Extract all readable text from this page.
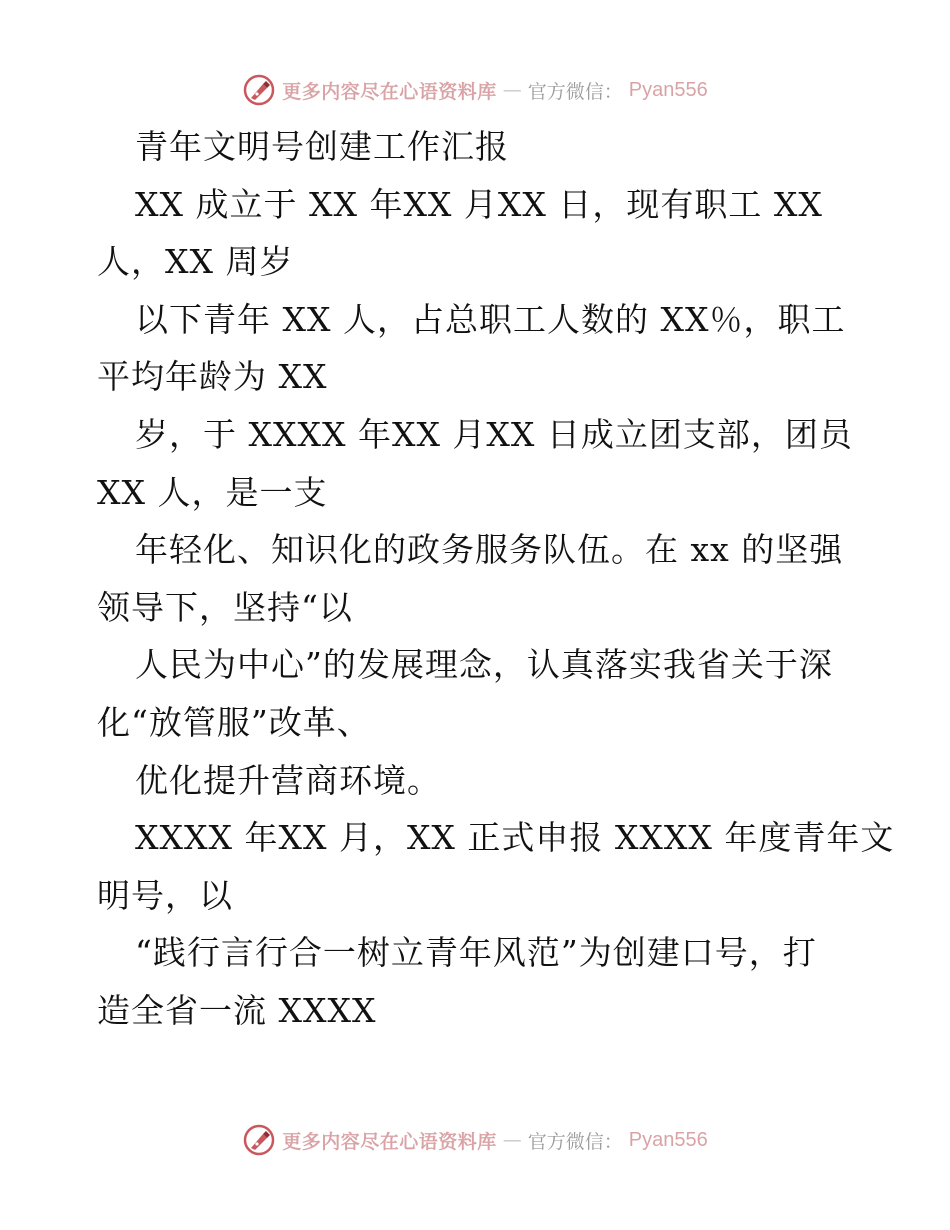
更多内容尽在心语资料库 — 官方微信： Pyan556
青年文明号创建工作汇报
XX 成立于 XX 年XX 月XX 日，现有职工 XX
人，XX 周岁
以下青年 XX 人，占总职工人数的 XX％，职工
平均年龄为 XX
岁，于 XXXX 年XX 月XX 日成立团支部，团员
XX 人，是一支
年轻化、知识化的政务服务队伍。在 xx 的坚强
领导下，坚持“以
人民为中心”的发展理念，认真落实我省关于深
化“放管服”改革、
优化提升营商环境。
XXXX 年XX 月，XX 正式申报 XXXX 年度青年文
明号，以
“践行言行合一树立青年风范”为创建口号，打
造全省一流 XXXX
更多内容尽在心语资料库 — 官方微信： Pyan556
